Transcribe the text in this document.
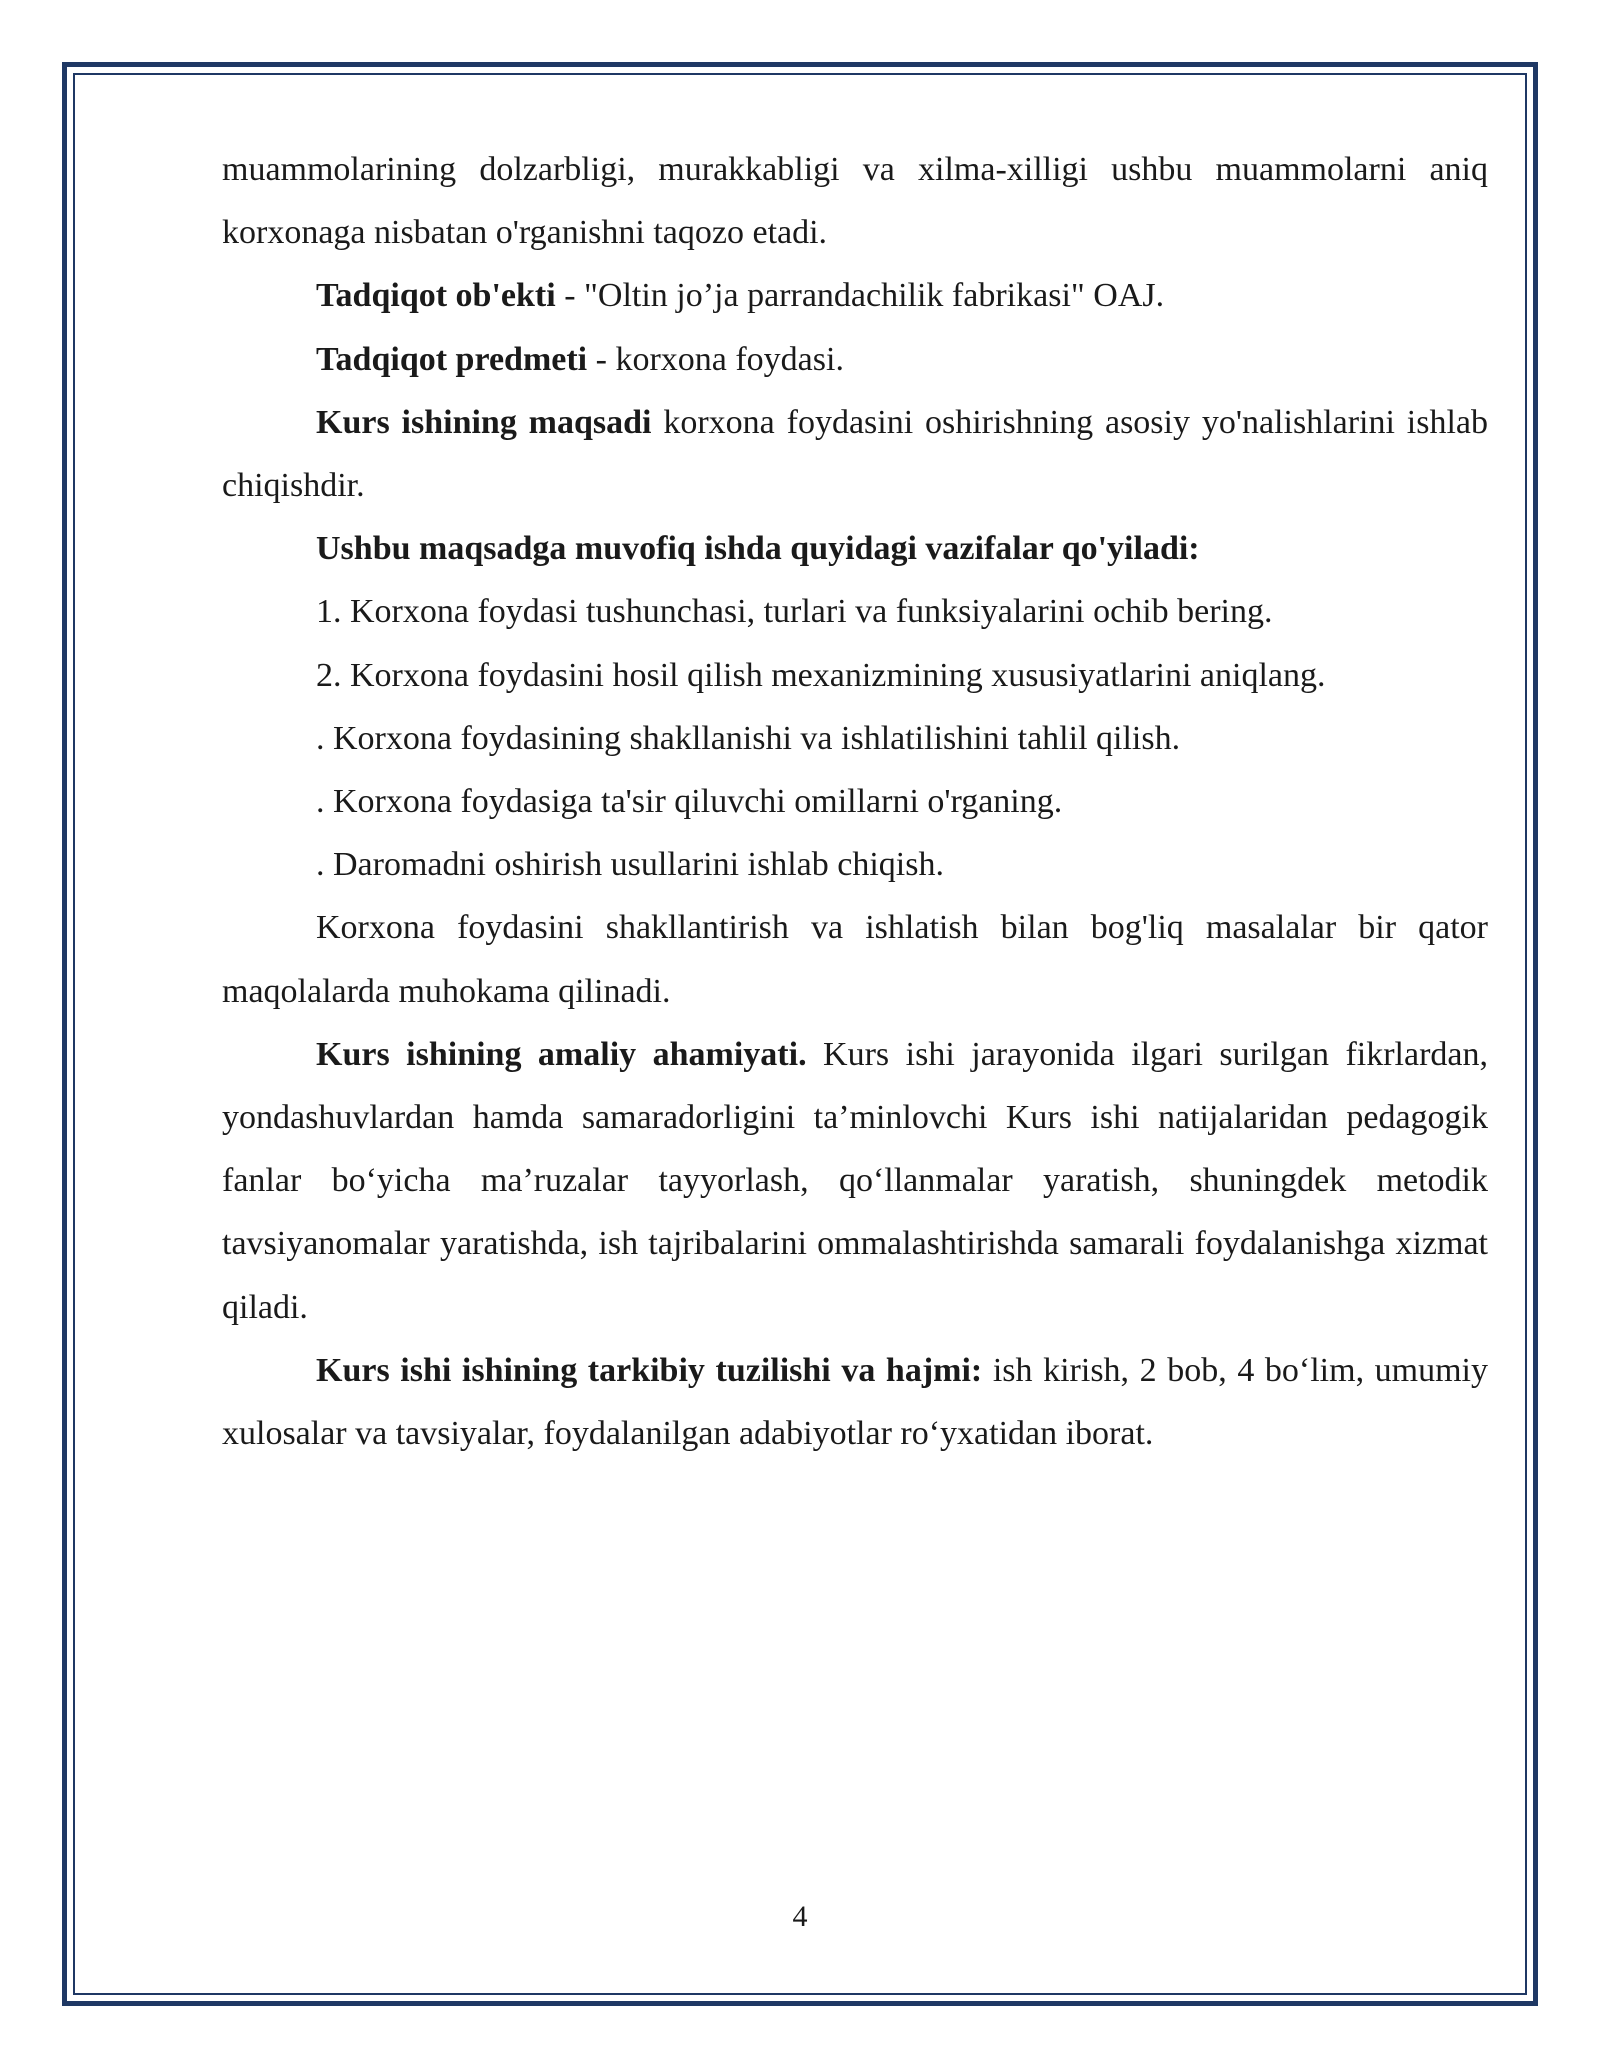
muammolarining dolzarbligi, murakkabligi va xilma-xilligi ushbu muammolarni aniq korxonaga nisbatan o'rganishni taqozo etadi.

Tadqiqot ob'ekti - "Oltin jo’ja parrandachilik fabrikasi" OAJ.

Tadqiqot predmeti - korxona foydasi.

Kurs ishining maqsadi korxona foydasini oshirishning asosiy yo'nalishlarini ishlab chiqishdir.

Ushbu maqsadga muvofiq ishda quyidagi vazifalar qo'yiladi:

1. Korxona foydasi tushunchasi, turlari va funksiyalarini ochib bering.

2. Korxona foydasini hosil qilish mexanizmining xususiyatlarini aniqlang.

. Korxona foydasining shakllanishi va ishlatilishini tahlil qilish.

. Korxona foydasiga ta'sir qiluvchi omillarni o'rganing.

. Daromadni oshirish usullarini ishlab chiqish.

Korxona foydasini shakllantirish va ishlatish bilan bog'liq masalalar bir qator maqolalarda muhokama qilinadi.

Kurs ishining amaliy ahamiyati. Kurs ishi jarayonida ilgari surilgan fikrlardan, yondashuvlardan hamda samaradorligini ta’minlovchi Kurs ishi natijalaridan pedagogik fanlar bo‘yicha ma’ruzalar tayyorlash, qo‘llanmalar yaratish, shuningdek metodik tavsiyanomalar yaratishda, ish tajribalarini ommalashtirishda samarali foydalanishga xizmat qiladi.

Kurs ishi ishining tarkibiy tuzilishi va hajmi: ish kirish, 2 bob, 4 bo‘lim, umumiy xulosalar va tavsiyalar, foydalanilgan adabiyotlar ro‘yxatidan iborat.

4
